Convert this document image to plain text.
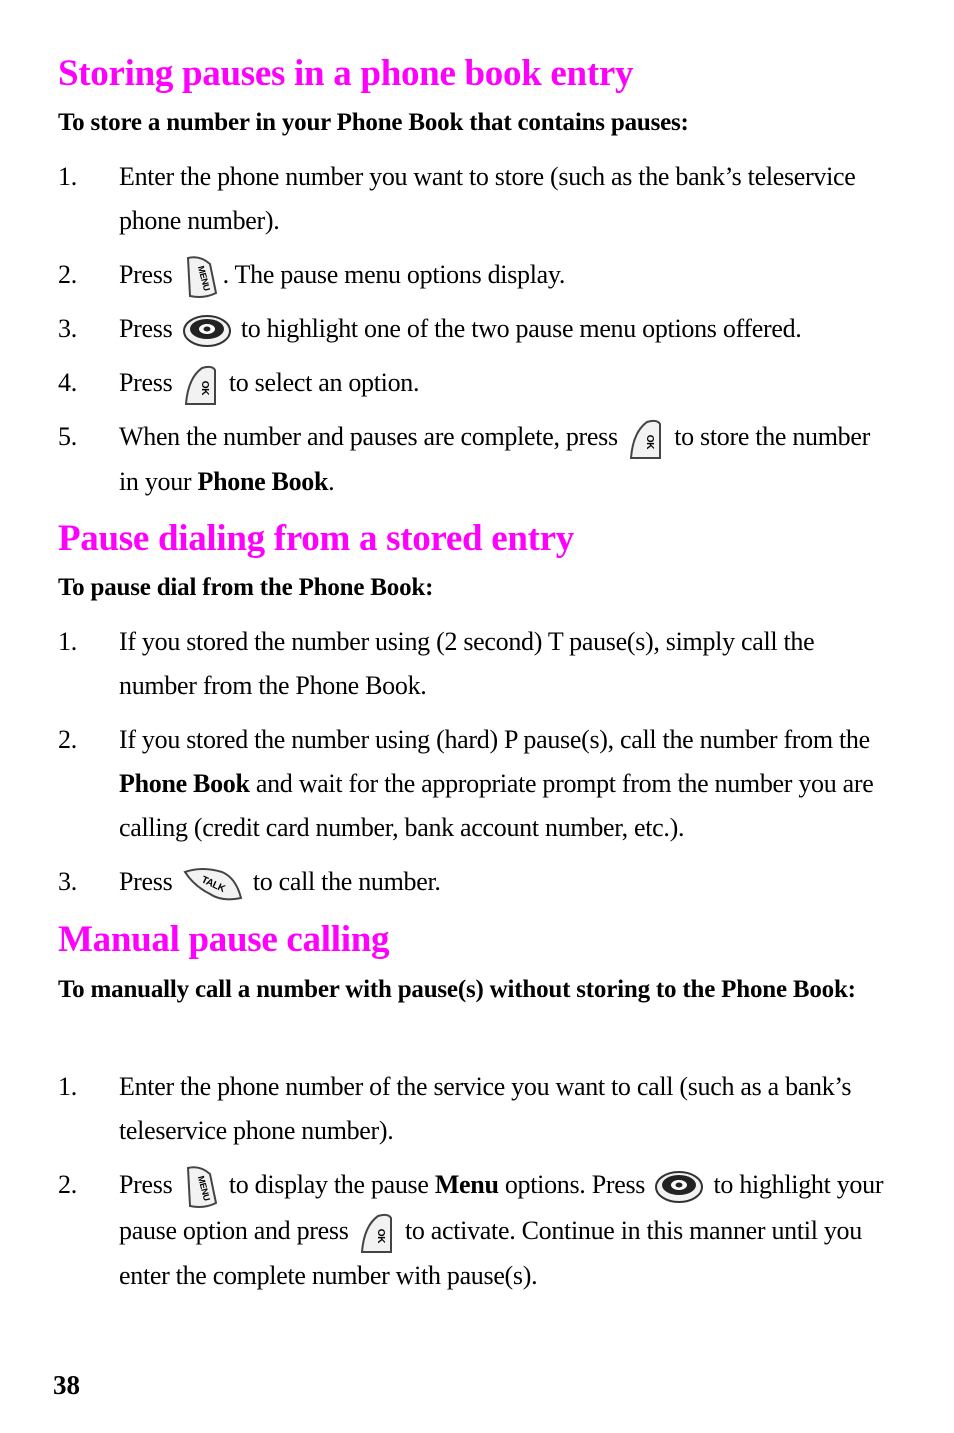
Storing pauses in a phone book entry
To store a number in your Phone Book that contains pauses:
1. Enter the phone number you want to store (such as the bank’s teleservice phone number).
2. Press	MENU . The pause menu options display.
3. Press	to highlight one of the two pause menu options offered.
4. Press	OK to select an option.
5. When the number and pauses are complete, press	OK to store the number in your Phone Book.
Pause dialing from a stored entry
To pause dial from the Phone Book:
1. If you stored the number using (2 second) T pause(s), simply call the number from the Phone Book.
2. If you stored the number using (hard) P pause(s), call the number from the Phone Book and wait for the appropriate prompt from the number you are calling (credit card number, bank account number, etc.).
3. Press	TALK to call the number.
Manual pause calling
To manually call a number with pause(s) without storing to the Phone Book:
1. Enter the phone number of the service you want to call (such as a bank’s teleservice phone number).
2. Press	MENU to display the pause Menu options. Press	to highlight your pause option and press	OK to activate. Continue in this manner until you enter the complete number with pause(s).
38
